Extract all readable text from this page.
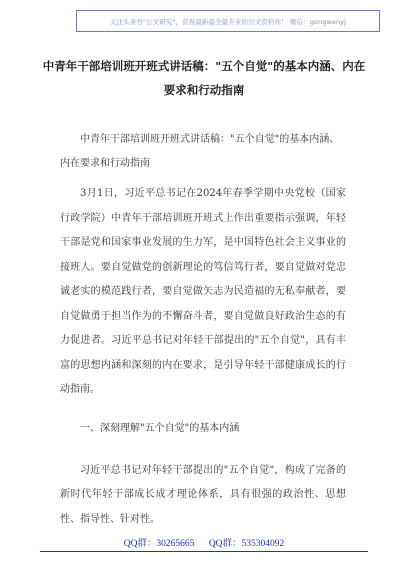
关注头条号"公文研究"，获得最新最全最专业的公文资料库！ 微信：gongwenyj
中青年干部培训班开班式讲话稿："五个自觉"的基本内涵、内在要求和行动指南

中青年干部培训班开班式讲话稿："五个自觉"的基本内涵、内在要求和行动指南

3月1日，习近平总书记在2024年春季学期中央党校（国家行政学院）中青年干部培训班开班式上作出重要指示强调，年轻干部是党和国家事业发展的生力军，是中国特色社会主义事业的接班人。要自觉做党的创新理论的笃信笃行者，要自觉做对党忠诚老实的模范践行者，要自觉做矢志为民造福的无私奉献者，要自觉做勇于担当作为的不懈奋斗者，要自觉做良好政治生态的有力促进者。习近平总书记对年轻干部提出的"五个自觉"，具有丰富的思想内涵和深刻的内在要求，是引导年轻干部健康成长的行动指南。

一、深刻理解"五个自觉"的基本内涵

习近平总书记对年轻干部提出的"五个自觉"，构成了完备的新时代年轻干部成长成才理论体系，具有很强的政治性、思想性、指导性、针对性。

QQ群：30265665 QQ群：535304092
